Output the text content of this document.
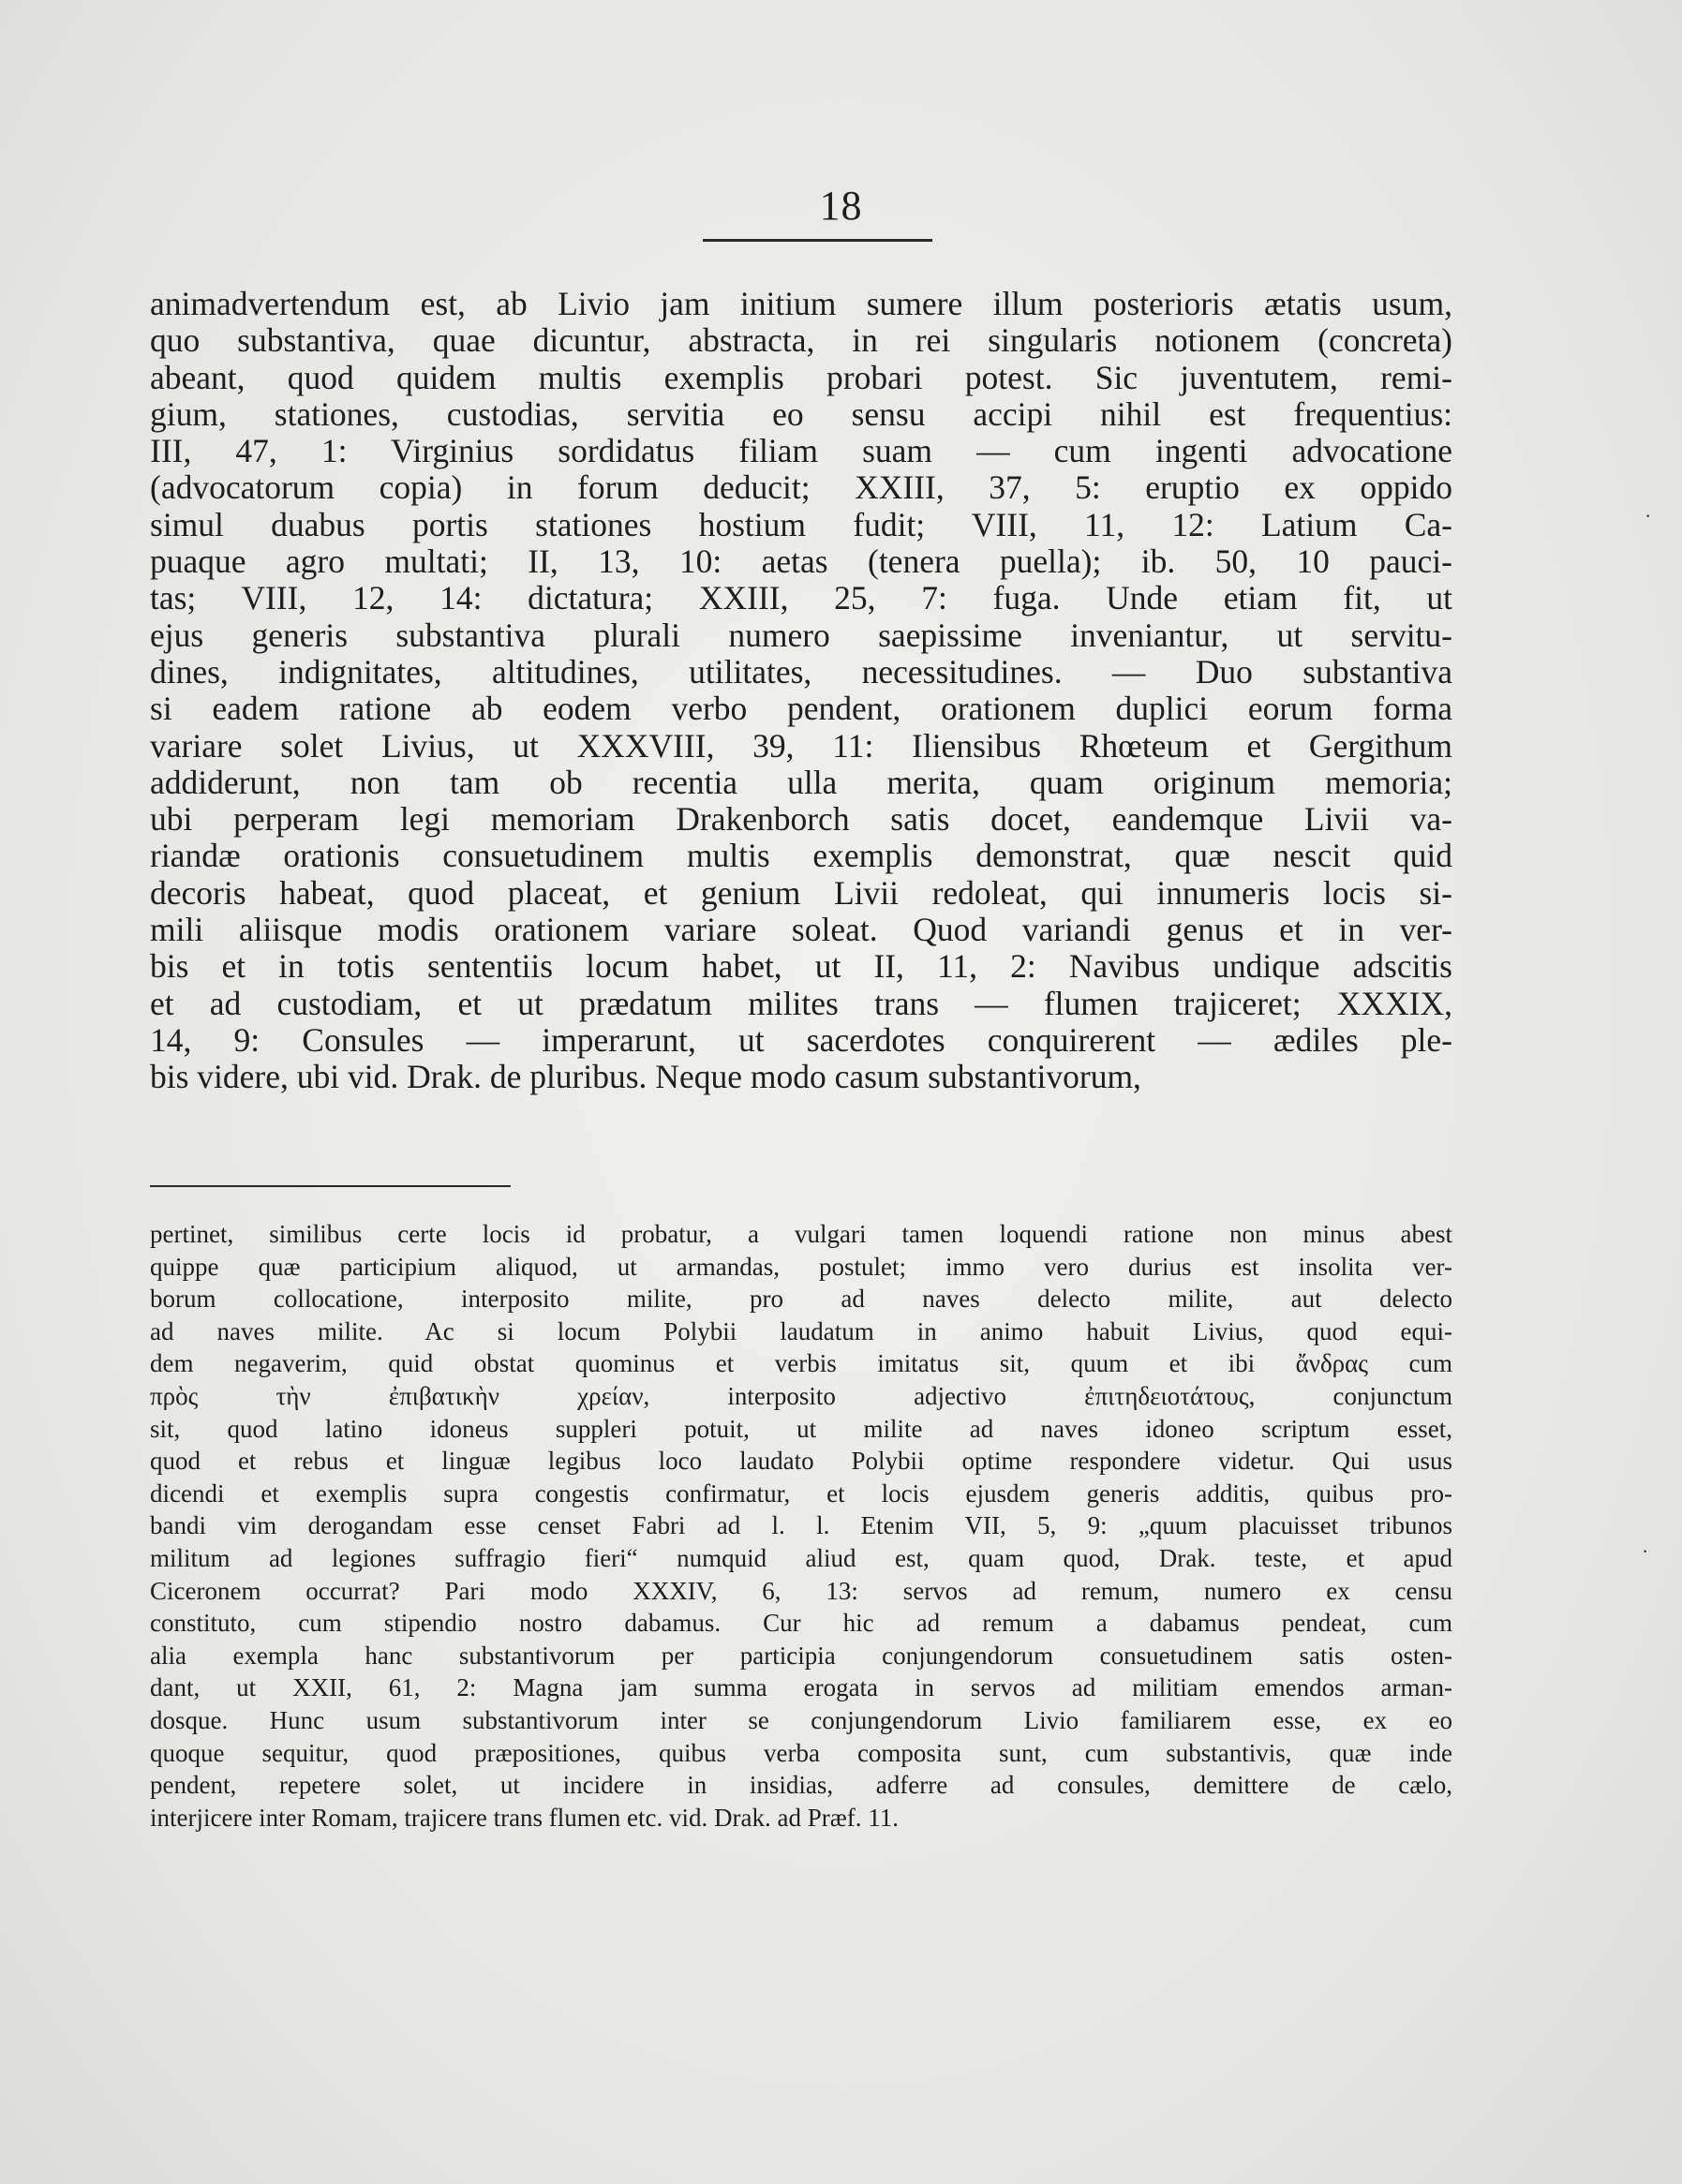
18
animadvertendum est, ab Livio jam initium sumere illum posterioris ætatis usum,
quo substantiva, quae dicuntur, abstracta, in rei singularis notionem (concreta)
abeant, quod quidem multis exemplis probari potest. Sic juventutem, remi-
gium, stationes, custodias, servitia eo sensu accipi nihil est frequentius:
III, 47, 1: Virginius sordidatus filiam suam — cum ingenti advocatione
(advocatorum copia) in forum deducit; XXIII, 37, 5: eruptio ex oppido
simul duabus portis stationes hostium fudit; VIII, 11, 12: Latium Ca-
puaque agro multati; II, 13, 10: aetas (tenera puella); ib. 50, 10 pauci-
tas; VIII, 12, 14: dictatura; XXIII, 25, 7: fuga. Unde etiam fit, ut
ejus generis substantiva plurali numero saepissime inveniantur, ut servitu-
dines, indignitates, altitudines, utilitates, necessitudines. — Duo substantiva
si eadem ratione ab eodem verbo pendent, orationem duplici eorum forma
variare solet Livius, ut XXXVIII, 39, 11: Iliensibus Rhœteum et Gergithum
addiderunt, non tam ob recentia ulla merita, quam originum memoria;
ubi perperam legi memoriam Drakenborch satis docet, eandemque Livii va-
riandæ orationis consuetudinem multis exemplis demonstrat, quæ nescit quid
decoris habeat, quod placeat, et genium Livii redoleat, qui innumeris locis si-
mili aliisque modis orationem variare soleat. Quod variandi genus et in ver-
bis et in totis sententiis locum habet, ut II, 11, 2: Navibus undique adscitis
et ad custodiam, et ut prædatum milites trans — flumen trajiceret; XXXIX,
14, 9: Consules — imperarunt, ut sacerdotes conquirerent — ædiles ple-
bis videre, ubi vid. Drak. de pluribus. Neque modo casum substantivorum,
pertinet, similibus certe locis id probatur, a vulgari tamen loquendi ratione non minus abest
quippe quæ participium aliquod, ut armandas, postulet; immo vero durius est insolita ver-
borum collocatione, interposito milite, pro ad naves delecto milite, aut delecto
ad naves milite. Ac si locum Polybii laudatum in animo habuit Livius, quod equi-
dem negaverim, quid obstat quominus et verbis imitatus sit, quum et ibi ἄνδρας cum
πρὸς τὴν ἐπιβατικὴν χρείαν, interposito adjectivo ἐπιτηδειοτάτους, conjunctum
sit, quod latino idoneus suppleri potuit, ut milite ad naves idoneo scriptum esset,
quod et rebus et linguæ legibus loco laudato Polybii optime respondere videtur. Qui usus
dicendi et exemplis supra congestis confirmatur, et locis ejusdem generis additis, quibus pro-
bandi vim derogandam esse censet Fabri ad l. l. Etenim VII, 5, 9: „quum placuisset tribunos
militum ad legiones suffragio fieri“ numquid aliud est, quam quod, Drak. teste, et apud
Ciceronem occurrat? Pari modo XXXIV, 6, 13: servos ad remum, numero ex censu
constituto, cum stipendio nostro dabamus. Cur hic ad remum a dabamus pendeat, cum
alia exempla hanc substantivorum per participia conjungendorum consuetudinem satis osten-
dant, ut XXII, 61, 2: Magna jam summa erogata in servos ad militiam emendos arman-
dosque. Hunc usum substantivorum inter se conjungendorum Livio familiarem esse, ex eo
quoque sequitur, quod præpositiones, quibus verba composita sunt, cum substantivis, quæ inde
pendent, repetere solet, ut incidere in insidias, adferre ad consules, demittere de cælo,
interjicere inter Romam, trajicere trans flumen etc. vid. Drak. ad Præf. 11.
·
·
